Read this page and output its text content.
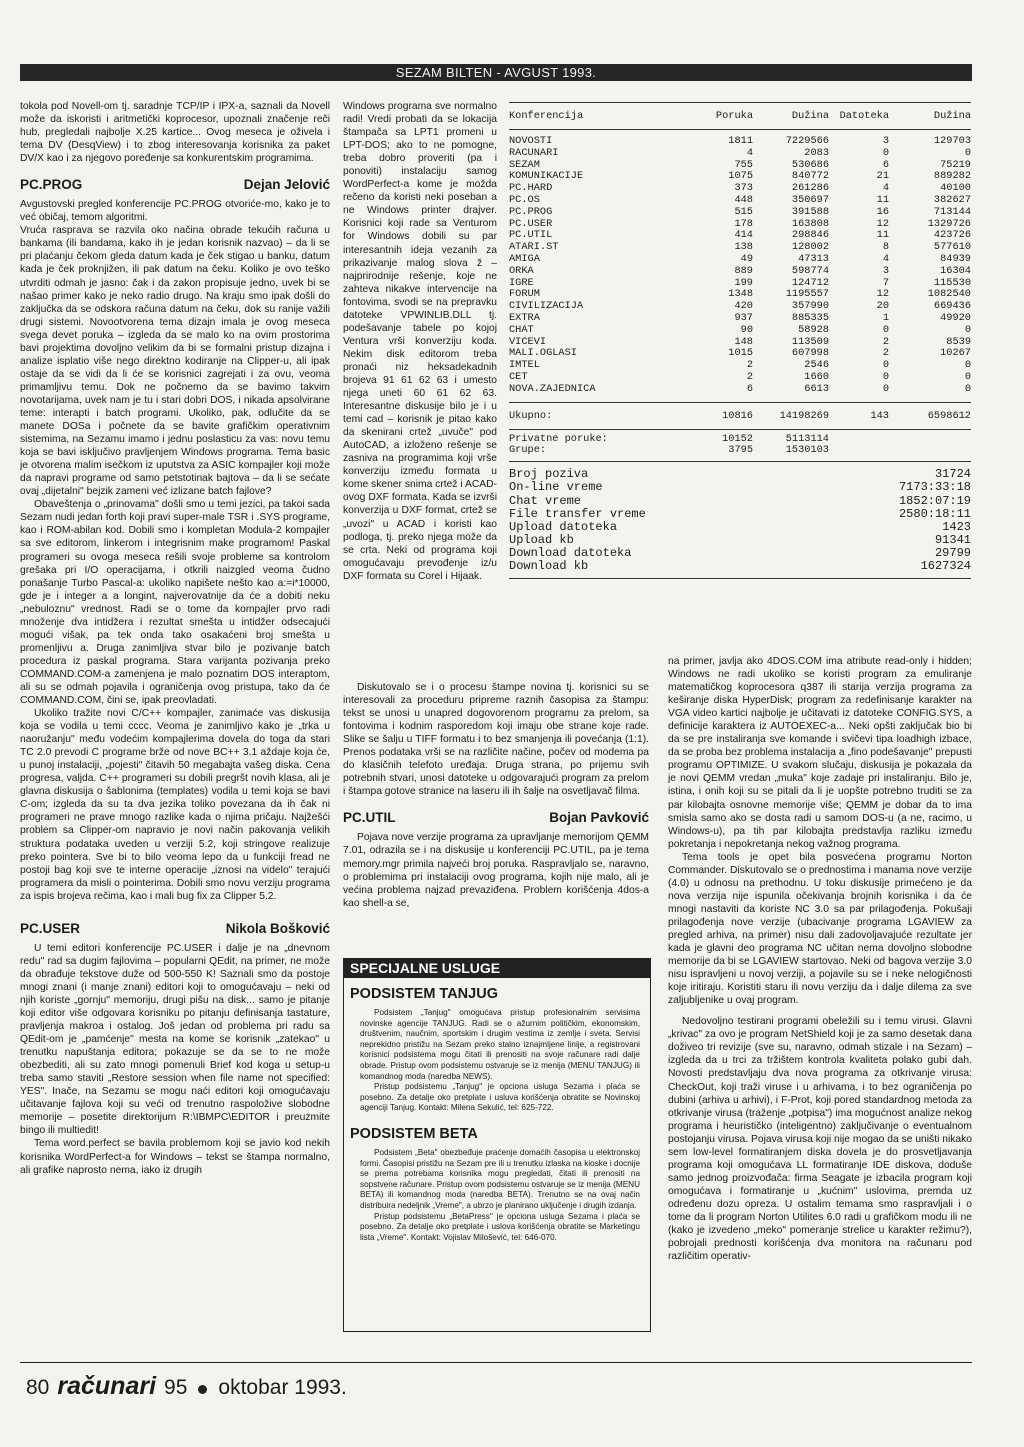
SEZAM BILTEN - AVGUST 1993.

tokola pod Novell-om tj. saradnje TCP/IP i IPX-a, saznali da Novell može da iskoristi i aritmetički koprocesor, upoznali značenje reči hub, pregledali najbolje X.25 kartice... Ovog meseca je oživela i tema DV (DesqView) i to zbog interesovanja korisnika za paket DV/X kao i za njegovo poređenje sa konkurentskim programima.

PC.PROG	Dejan Jelović

Avgustovski pregled konferencije PC.PROG otvoriće-mo, kako je to već običaj, temom algoritmi.

Vruća rasprava se razvila oko načina obrade tekućih računa u bankama (ili bandama, kako ih je jedan korisnik nazvao) – da li se pri plaćanju čekom gleda datum kada je ček stigao u banku, datum kada je ček proknjižen, ili pak datum na čeku. Koliko je ovo teško utvrditi odmah je jasno: čak i da zakon propisuje jedno, uvek bi se našao primer kako je neko radio drugo. Na kraju smo ipak došli do zaključka da se odskora računa datum na čeku, dok su ranije važili drugi sistemi. Novootvorena tema dizajn imala je ovog meseca svega devet poruka – izgleda da se malo ko na ovim prostorima bavi projektima dovoljno velikim da bi se formalni pristup dizajna i analize isplatio više nego direktno kodiranje na Clipper-u, ali ipak ostaje da se vidi da li će se korisnici zagrejati i za ovu, veoma primamljivu temu. Dok ne počnemo da se bavimo takvim novotarijama, uvek nam je tu i stari dobri DOS, i nikada apsolvirane teme: interapti i batch programi. Ukoliko, pak, odlučite da se manete DOSa i počnete da se bavite grafičkim operativnim sistemima, na Sezamu imamo i jednu poslasticu za vas: novu temu koja se bavi isključivo pravljenjem Windows programa. Tema basic je otvorena malim isečkom iz uputstva za ASIC kompajler koji može da napravi programe od samo petstotinak bajtova – da li se sećate ovaj „dijetalni" bejzik zameni već izlizane batch fajlove?

Obaveštenja o „prinovama" došli smo u temi jezici, pa takoi sada Sezam nudi jedan forth koji pravi super-male TSR i .SYS programe, kao i ROM-abilan kod. Dobili smo i kompletan Modula-2 kompajler sa sve editorom, linkerom i integrisnim make programom! Paskal programeri su ovoga meseca rešili svoje probleme sa kontrolom grešaka pri I/O operacijama, i otkrili naizgled veoma čudno ponašanje Turbo Pascal-a: ukoliko napišete nešto kao a:=i*10000, gde je i integer a a longint, najverovatnije da će a dobiti neku „nebuloznu" vrednost. Radi se o tome da kompajler prvo radi množenje dva intidžera i rezultat smešta u intidžer odsecajući mogući višak, pa tek onda tako osakaćeni broj smešta u promenljivu a. Druga zanimljiva stvar bilo je pozivanje batch procedura iz paskal programa. Stara varijanta pozivanja preko COMMAND.COM-a zamenjena je malo poznatim DOS interaptom, ali su se odmah pojavila i ograničenja ovog pristupa, tako da će COMMAND.COM, čini se, ipak preovladati.

Ukoliko tražite novi C/C++ kompajler, zanimaće vas diskusija koja se vodila u temi cccc. Veoma je zanimljivo kako je „trka u naoružanju" među vodećim kompajlerima dovela do toga da stari TC 2.0 prevodi C programe brže od nove BC++ 3.1 aždaje koja će, u punoj instalaciji, „pojesti" čitavih 50 megabajta vašeg diska. Cena progresa, valjda. C++ programeri su dobili pregršt novih klasa, ali je glavna diskusija o šablonima (templates) vodila u temi koja se bavi C-om; izgleda da su ta dva jezika toliko povezana da ih čak ni programeri ne prave mnogo razlike kada o njima pričaju. Najžešći problem sa Clipper-om napravio je novi način pakovanja velikih struktura podataka uveden u verziji 5.2, koji stringove realizuje preko pointera. Sve bi to bilo veoma lepo da u funkciji fread ne postoji bag koji sve te interne operacije „iznosi na videlo" terajući programera da misli o pointerima. Dobili smo novu verziju programa za ispis brojeva rečima, kao i mali bug fix za Clipper 5.2.

PC.USER	Nikola Bošković

U temi editori konferencije PC.USER i dalje je na „dnevnom redu" rad sa dugim fajlovima – popularni QEdit, na primer, ne može da obrađuje tekstove duže od 500-550 K! Saznali smo da postoje mnogi znani (i manje znani) editori koji to omogućavaju – neki od njih koriste „gornju" memoriju, drugi pišu na disk... samo je pitanje koji editor više odgovara korisniku po pitanju definisanja tastature, pravljenja makroa i ostalog. Još jedan od problema pri radu sa QEdit-om je „pamćenje" mesta na kome se korisnik „zatekao" u trenutku napuštanja editora; pokazuje se da se to ne može obezbediti, ali su zato mnogi pomenuli Brief kod koga u setup-u treba samo staviti „Restore session when file name not specified: YES". Inače, na Sezamu se mogu naći editori koji omogućavaju učitavanje fajlova koji su veći od trenutno raspoložive slobodne memorije – posetite direktorijum R:\IBMPC\EDITOR i preuzmite bingo ili multiedit!

Tema word.perfect se bavila problemom koji se javio kod nekih korisnika WordPerfect-a for Windows – tekst se štampa normalno, ali grafike naprosto nema, iako iz drugih

Windows programa sve normalno radi! Vredi probati da se lokacija štampača sa LPT1 promeni u LPT-DOS; ako to ne pomogne, treba dobro proveriti (pa i ponoviti) instalaciju samog WordPerfect-a kome je možda rečeno da koristi neki poseban a ne Windows printer drajver. Korisnici koji rade sa Venturom for Windows dobili su par interesantnih ideja vezanih za prikazivanje malog slova ž – najprirodnije rešenje, koje ne zahteva nikakve intervencije na fontovima, svodi se na prepravku datoteke VPWINLIB.DLL tj. podešavanje tabele po kojoj Ventura vrši konverziju koda. Nekim disk editorom treba pronaći niz heksadekadnih brojeva 91 61 62 63 i umesto njega uneti 60 61 62 63. Interesantne diskusije bilo je i u temi cad – korisnik je pitao kako da skenirani crtež „uvuče" pod AutoCAD, a izloženo rešenje se zasniva na programima koji vrše konverziju između formata u kome skener snima crtež i ACAD-ovog DXF formata. Kada se izvrši konverzija u DXF format, crtež se „uvozi" u ACAD i koristi kao podloga, tj. preko njega može da se crta. Neki od programa koji omogućavaju prevođenje iz/u DXF formata su Corel i Hijaak.

Diskutovalo se i o procesu štampe novina tj. korisnici su se interesovali za proceduru pripreme raznih časopisa za štampu: tekst se unosi u unapred dogovorenom programu za prelom, sa fontovima i kodnim rasporedom koji imaju obe strane koje rade. Slike se šalju u TIFF formatu i to bez smanjenja ili povećanja (1:1). Prenos podataka vrši se na različite načine, počev od modema pa do klasičnih telefoto uređaja. Druga strana, po prijemu svih potrebnih stvari, unosi datoteke u odgovarajući program za prelom i štampa gotove stranice na laseru ili ih šalje na osvetljavač filma.

PC.UTIL	Bojan Pavković

Pojava nove verzije programa za upravljanje memorijom QEMM 7.01, odrazila se i na diskusije u konferenciji PC.UTIL, pa je tema memory.mgr primila najveći broj poruka. Raspravljalo se, naravno, o problemima pri instalaciji ovog programa, kojih nije malo, ali je većina problema najzad prevaziđena. Problem korišćenja 4dos-a kao shell-a se,

Konferencija	Poruka	Dužina	Datoteka	Dužina
NOVOSTI	1811	7229566	3	129703
RACUNARI	4	2083	0	0
SEZAM	755	530686	6	75219
KOMUNIKACIJE	1075	840772	21	889282
PC.HARD	373	261286	4	40100
PC.OS	448	350697	11	382627
PC.PROG	515	391588	16	713144
PC.USER	178	163808	12	1329726
PC.UTIL	414	298846	11	423726
ATARI.ST	138	128002	8	577610
AMIGA	49	47313	4	84939
ORKA	889	598774	3	16304
IGRE	199	124712	7	115530
FORUM	1348	1195557	12	1082540
CIVILIZACIJA	420	357990	20	669436
EXTRA	937	885335	1	49920
CHAT	90	58928	0	0
VICEVI	148	113509	2	8539
MALI.OGLASI	1015	607998	2	10267
IMTEL	2	2546	0	0
CET	2	1660	0	0
NOVA.ZAJEDNICA	6	6613	0	0
Ukupno:	10816	14198269	143	6598612
Privatne poruke:	10152	5113114
Grupe:	3795	1530103
Broj poziva	31724
On-line vreme	7173:33:18
Chat vreme	1852:07:19
File transfer vreme	2580:18:11
Upload datoteka	1423
Upload kb	91341
Download datoteka	29799
Download kb	1627324
SPECIJALNE USLUGE
PODSISTEM TANJUG

Podsistem „Tanjug" omogućava pristup profesionalnim servisima novinske agencije TANJUG. Radi se o ažurnim političkim, ekonomskim, društvenim, naučnim, sportskim i drugim vestima iz zemlje i sveta. Servisi neprekidno pristižu na Sezam preko stalno iznajmljene linije, a registrovani korisnici podsistema mogu čitati ili prenositi na svoje računare radi dalje obrade. Pristup ovom podsistemu ostvaruje se iz menija (MENU TANJUG) ili komandnog moda (naredba NEWS).

Pristup podsistemu „Tanjug" je opciona usluga Sezama i plaća se posebno. Za detalje oko pretplate i usluva korišćenja obratite se Novinskoj agenciji Tanjug. Kontakt: Milena Sekulić, tel: 625-722.

PODSISTEM BETA

Podsistem „Beta" obezbeđuje praćenje domaćih časopisa u elektronskoj formi. Časopisi pristižu na Sezam pre ili u trenutku izlaska na kioske i docnije se prema potrebama korisnika mogu pregledati, čitati ili prenositi na sopstvene računare. Pristup ovom podsistemu ostvaruje se iz menija (MENU BETA) ili komandnog moda (naredba BETA). Trenutno se na ovaj način distribuira nedeljnik „Vreme", a ubrzo je planirano uključenje i drugih izdanja.

Pristup podsistemu „BetaPress" je opciona usluga Sezama i plaća se posebno. Za detalje oko pretplate i uslova korišćenja obratite se Marketingu lista „Vreme". Kontakt: Vojislav Milošević, tel: 646-070.

na primer, javlja ako 4DOS.COM ima atribute read-only i hidden; Windows ne radi ukoliko se koristi program za emuliranje matematičkog koprocesora q387 ili starija verzija programa za keširanje diska HyperDisk; program za redefinisanje karakter na VGA video kartici najbolje je učitavati iz datoteke CONFIG.SYS, a definicije karaktera iz AUTOEXEC-a... Neki opšti zaključak bio bi da se pre instaliranja sve komande i svičevi tipa loadhigh izbace, da se proba bez problema instalacija a „fino podešavanje" prepusti programu OPTIMIZE. U svakom slučaju, diskusija je pokazala da je novi QEMM vredan „muka" koje zadaje pri instaliranju. Bilo je, istina, i onih koji su se pitali da li je uopšte potrebno truditi se za par kilobajta osnovne memorije više; QEMM je dobar da to ima smisla samo ako se dosta radi u samom DOS-u (a ne, racimo, u Windows-u), pa tih par kilobajta predstavlja razliku između pokretanja i nepokretanja nekog važnog programa.

Tema tools je opet bila posvećena programu Norton Commander. Diskutovalo se o prednostima i manama nove verzije (4.0) u odnosu na prethodnu. U toku diskusije primećeno je da nova verzija nije ispunila očekivanja brojnih korisnika i da će mnogi nastaviti da koriste NC 3.0 sa par prilagođenja. Pokušaji prilagođenja nove verzije (ubacivanje programa LGAVIEW za pregled arhiva, na primer) nisu dali zadovoljavajuće rezultate jer kada je glavni deo programa NC učitan nema dovoljno slobodne memorije da bi se LGAVIEW startovao. Neki od bagova verzije 3.0 nisu ispravljeni u novoj verziji, a pojavile su se i neke nelogičnosti koje iritiraju. Koristiti staru ili novu verziju da i dalje dilema za sve zaljubljenike u ovaj program.

Nedovoljno testirani programi obeležili su i temu virusi. Glavni „krivac" za ovo je program NetShield koji je za samo desetak dana doživeo tri revizije (sve su, naravno, odmah stizale i na Sezam) – izgleda da u trci za tržištem kontrola kvaliteta polako gubi dah. Novosti predstavljaju dva nova programa za otkrivanje virusa: CheckOut, koji traži viruse i u arhivama, i to bez ograničenja po dubini (arhiva u arhivi), i F-Prot, koji pored standardnog metoda za otkrivanje virusa (traženje „potpisa") ima mogućnost analize nekog programa i heurističko (inteligentno) zaključivanje o eventualnom postojanju virusa. Pojava virusa koji nije mogao da se uništi nikako sem low-level formatiranjem diska dovela je do prosvetljavanja programa koji omogućava LL formatiranje IDE diskova, doduše samo jednog proizvođača: firma Seagate je izbacila program koji omogućava i formatiranje u „kućnim" uslovima, premda uz određenu dozu opreza. U ostalim temama smo raspravljali i o tome da li program Norton Utilites 6.0 radi u grafičkom modu ili ne (kako je izvedeno „meko" pomeranje strelice u karakter režimu?), pobrojali prednosti korišćenja dva monitora na računaru pod različitim operativ-

80 računari 95 oktobar 1993.
